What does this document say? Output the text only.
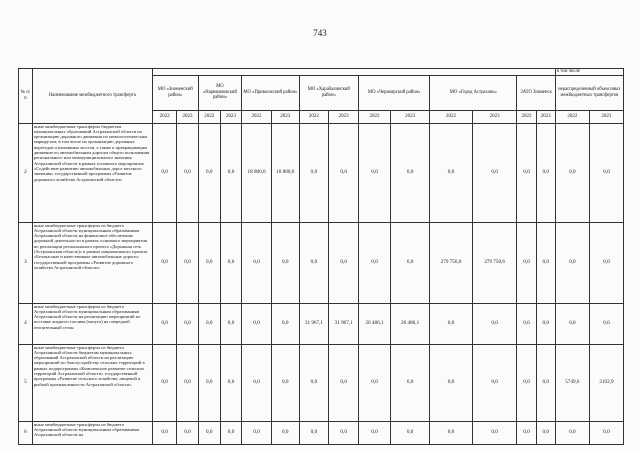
743
№ п/п	Наименование межбюджетного трансферта															в том числе	
		МО «Знаменский район»		МО «Наримановский район»		МО «Приволжский район»		МО «Харабалинский район»		МО «Черноярский район»		МО «Город Астрахань»		ЗАТО Знаменск		нераспределенный объем иных межбюджетных трансфертов	
		2022	2023	2022	2023	2022	2023	2022	2023	2022	2023	2022	2023	2022	2023	2022	2023
2	иные межбюджетные трансферты бюджетам муниципальных образований Астраханской области на организацию дорожного движения по межпоселенческим маршрутам, в том числе на организацию дорожных переездов и наплавных мостов, а также к прекращающим движение по автомобильным дорогам общего пользования регионального или межмуниципального значения Астраханской области в рамках основного мероприятия «Содействие развитию автомобильных дорог местного значения» государственной программы «Развитие дорожного хозяйства Астраханской области»	0,0	0,0	0,0	0,0	18 800,0	18 800,0	0,0	0,0	0,0	0,0	0,0	0,0	0,0	0,0	0,0	0,0
3	иные межбюджетные трансферты из бюджета Астраханской области муниципальным образованиям Астраханской области на финансовое обеспечение дорожной деятельности в рамках основного мероприятия по реализации регионального проекта «Дорожная сеть (Астраханская область)» в рамках национального проекта «Безопасные и качественные автомобильные дороги» государственной программы «Развитие дорожного хозяйства Астраханской области»	0,0	0,0	0,0	0,0	0,0	0,0	0,0	0,0	0,0	0,0	279 750,0	279 750,6	0,0	0,0	0,0	0,0
4	иные межбюджетные трансферты из бюджета Астраханской области муниципальным образованиям Астраханской области на реализацию мероприятий по поставке жидкого топлива (мазута) на очередной отопительный сезон	0,0	0,0	0,0	0,0	0,0	0,0	31 967,1	31 967,1	26 486,1	26 486,1	0,0	0,0	0,0	0,0	0,0	0,0
5	иные межбюджетные трансферты из бюджета Астраханской области бюджетам муниципальных образований Астраханской области на реализацию мероприятий по благоустройству сельских территорий в рамках подпрограммы «Комплексное развитие сельских территорий Астраханской области» государственной программы «Развитие сельского хозяйства, пищевой и рыбной промышленности Астраханской области»	0,0	0,0	0,0	0,0	0,0	0,0	0,0	0,0	0,0	0,0	0,0	0,0	0,0	0,0	5749,6	3192,9
6	иные межбюджетные трансферты из бюджета Астраханской области муниципальным образованиям Астраханской области на	0,0	0,0	0,0	0,0	0,0	0,0	0,0	0,0	0,0	0,0	0,0	0,0	0,0	0,0	0,0	0,0
